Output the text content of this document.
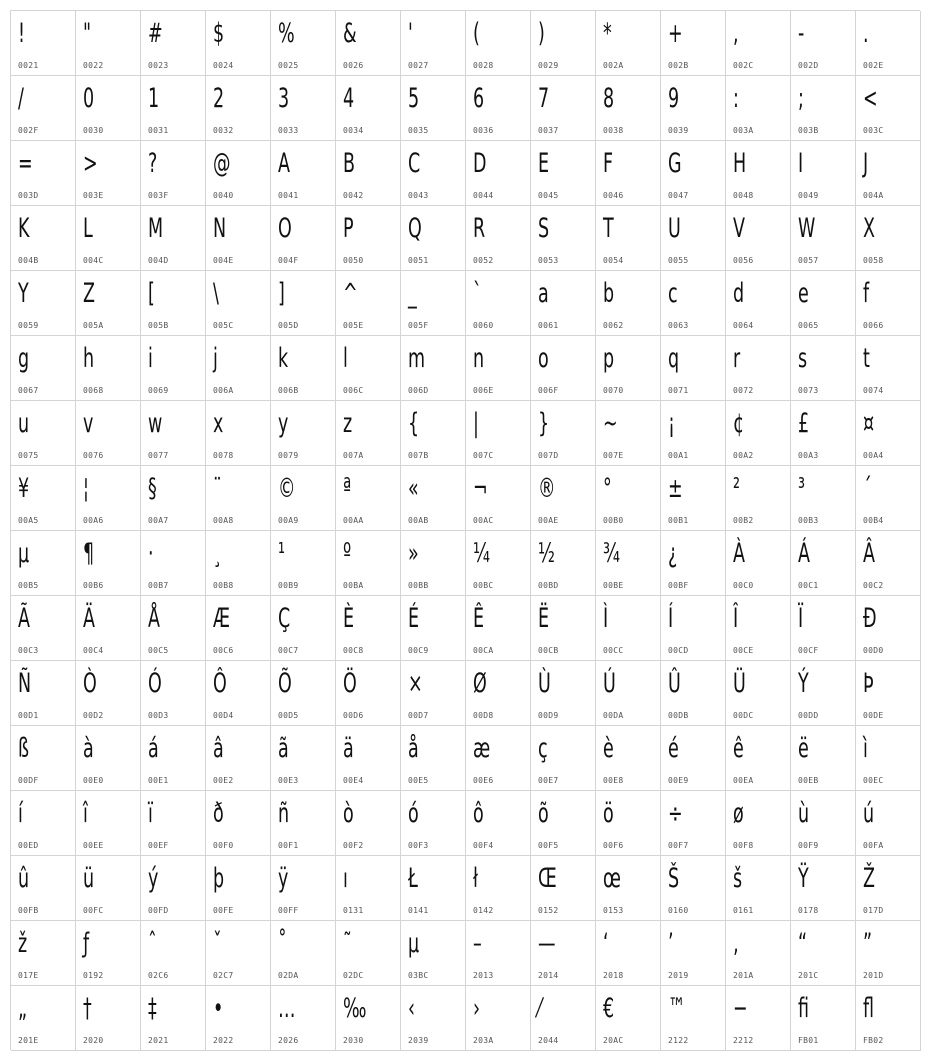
!
0021
"
0022
#
0023
$
0024
%
0025
&
0026
'
0027
(
0028
)
0029
*
002A
+
002B
,
002C
-
002D
.
002E
/
002F
0
0030
1
0031
2
0032
3
0033
4
0034
5
0035
6
0036
7
0037
8
0038
9
0039
:
003A
;
003B
<
003C
=
003D
>
003E
?
003F
@
0040
A
0041
B
0042
C
0043
D
0044
E
0045
F
0046
G
0047
H
0048
I
0049
J
004A
K
004B
L
004C
M
004D
N
004E
O
004F
P
0050
Q
0051
R
0052
S
0053
T
0054
U
0055
V
0056
W
0057
X
0058
Y
0059
Z
005A
[
005B
\
005C
]
005D
^
005E
_
005F
`
0060
a
0061
b
0062
c
0063
d
0064
e
0065
f
0066
g
0067
h
0068
i
0069
j
006A
k
006B
l
006C
m
006D
n
006E
o
006F
p
0070
q
0071
r
0072
s
0073
t
0074
u
0075
v
0076
w
0077
x
0078
y
0079
z
007A
{
007B
|
007C
}
007D
~
007E
¡
00A1
¢
00A2
£
00A3
¤
00A4
¥
00A5
¦
00A6
§
00A7
¨
00A8
©
00A9
ª
00AA
«
00AB
¬
00AC
®
00AE
°
00B0
±
00B1
²
00B2
³
00B3
´
00B4
µ
00B5
¶
00B6
·
00B7
¸
00B8
¹
00B9
º
00BA
»
00BB
¼
00BC
½
00BD
¾
00BE
¿
00BF
À
00C0
Á
00C1
Â
00C2
Ã
00C3
Ä
00C4
Å
00C5
Æ
00C6
Ç
00C7
È
00C8
É
00C9
Ê
00CA
Ë
00CB
Ì
00CC
Í
00CD
Î
00CE
Ï
00CF
Ð
00D0
Ñ
00D1
Ò
00D2
Ó
00D3
Ô
00D4
Õ
00D5
Ö
00D6
×
00D7
Ø
00D8
Ù
00D9
Ú
00DA
Û
00DB
Ü
00DC
Ý
00DD
Þ
00DE
ß
00DF
à
00E0
á
00E1
â
00E2
ã
00E3
ä
00E4
å
00E5
æ
00E6
ç
00E7
è
00E8
é
00E9
ê
00EA
ë
00EB
ì
00EC
í
00ED
î
00EE
ï
00EF
ð
00F0
ñ
00F1
ò
00F2
ó
00F3
ô
00F4
õ
00F5
ö
00F6
÷
00F7
ø
00F8
ù
00F9
ú
00FA
û
00FB
ü
00FC
ý
00FD
þ
00FE
ÿ
00FF
ı
0131
Ł
0141
ł
0142
Œ
0152
œ
0153
Š
0160
š
0161
Ÿ
0178
Ž
017D
ž
017E
ƒ
0192
ˆ
02C6
ˇ
02C7
˚
02DA
˜
02DC
μ
03BC
–
2013
—
2014
‘
2018
’
2019
‚
201A
“
201C
”
201D
„
201E
†
2020
‡
2021
•
2022
…
2026
‰
2030
‹
2039
›
203A
⁄
2044
€
20AC
™
2122
−
2212
ﬁ
FB01
ﬂ
FB02
